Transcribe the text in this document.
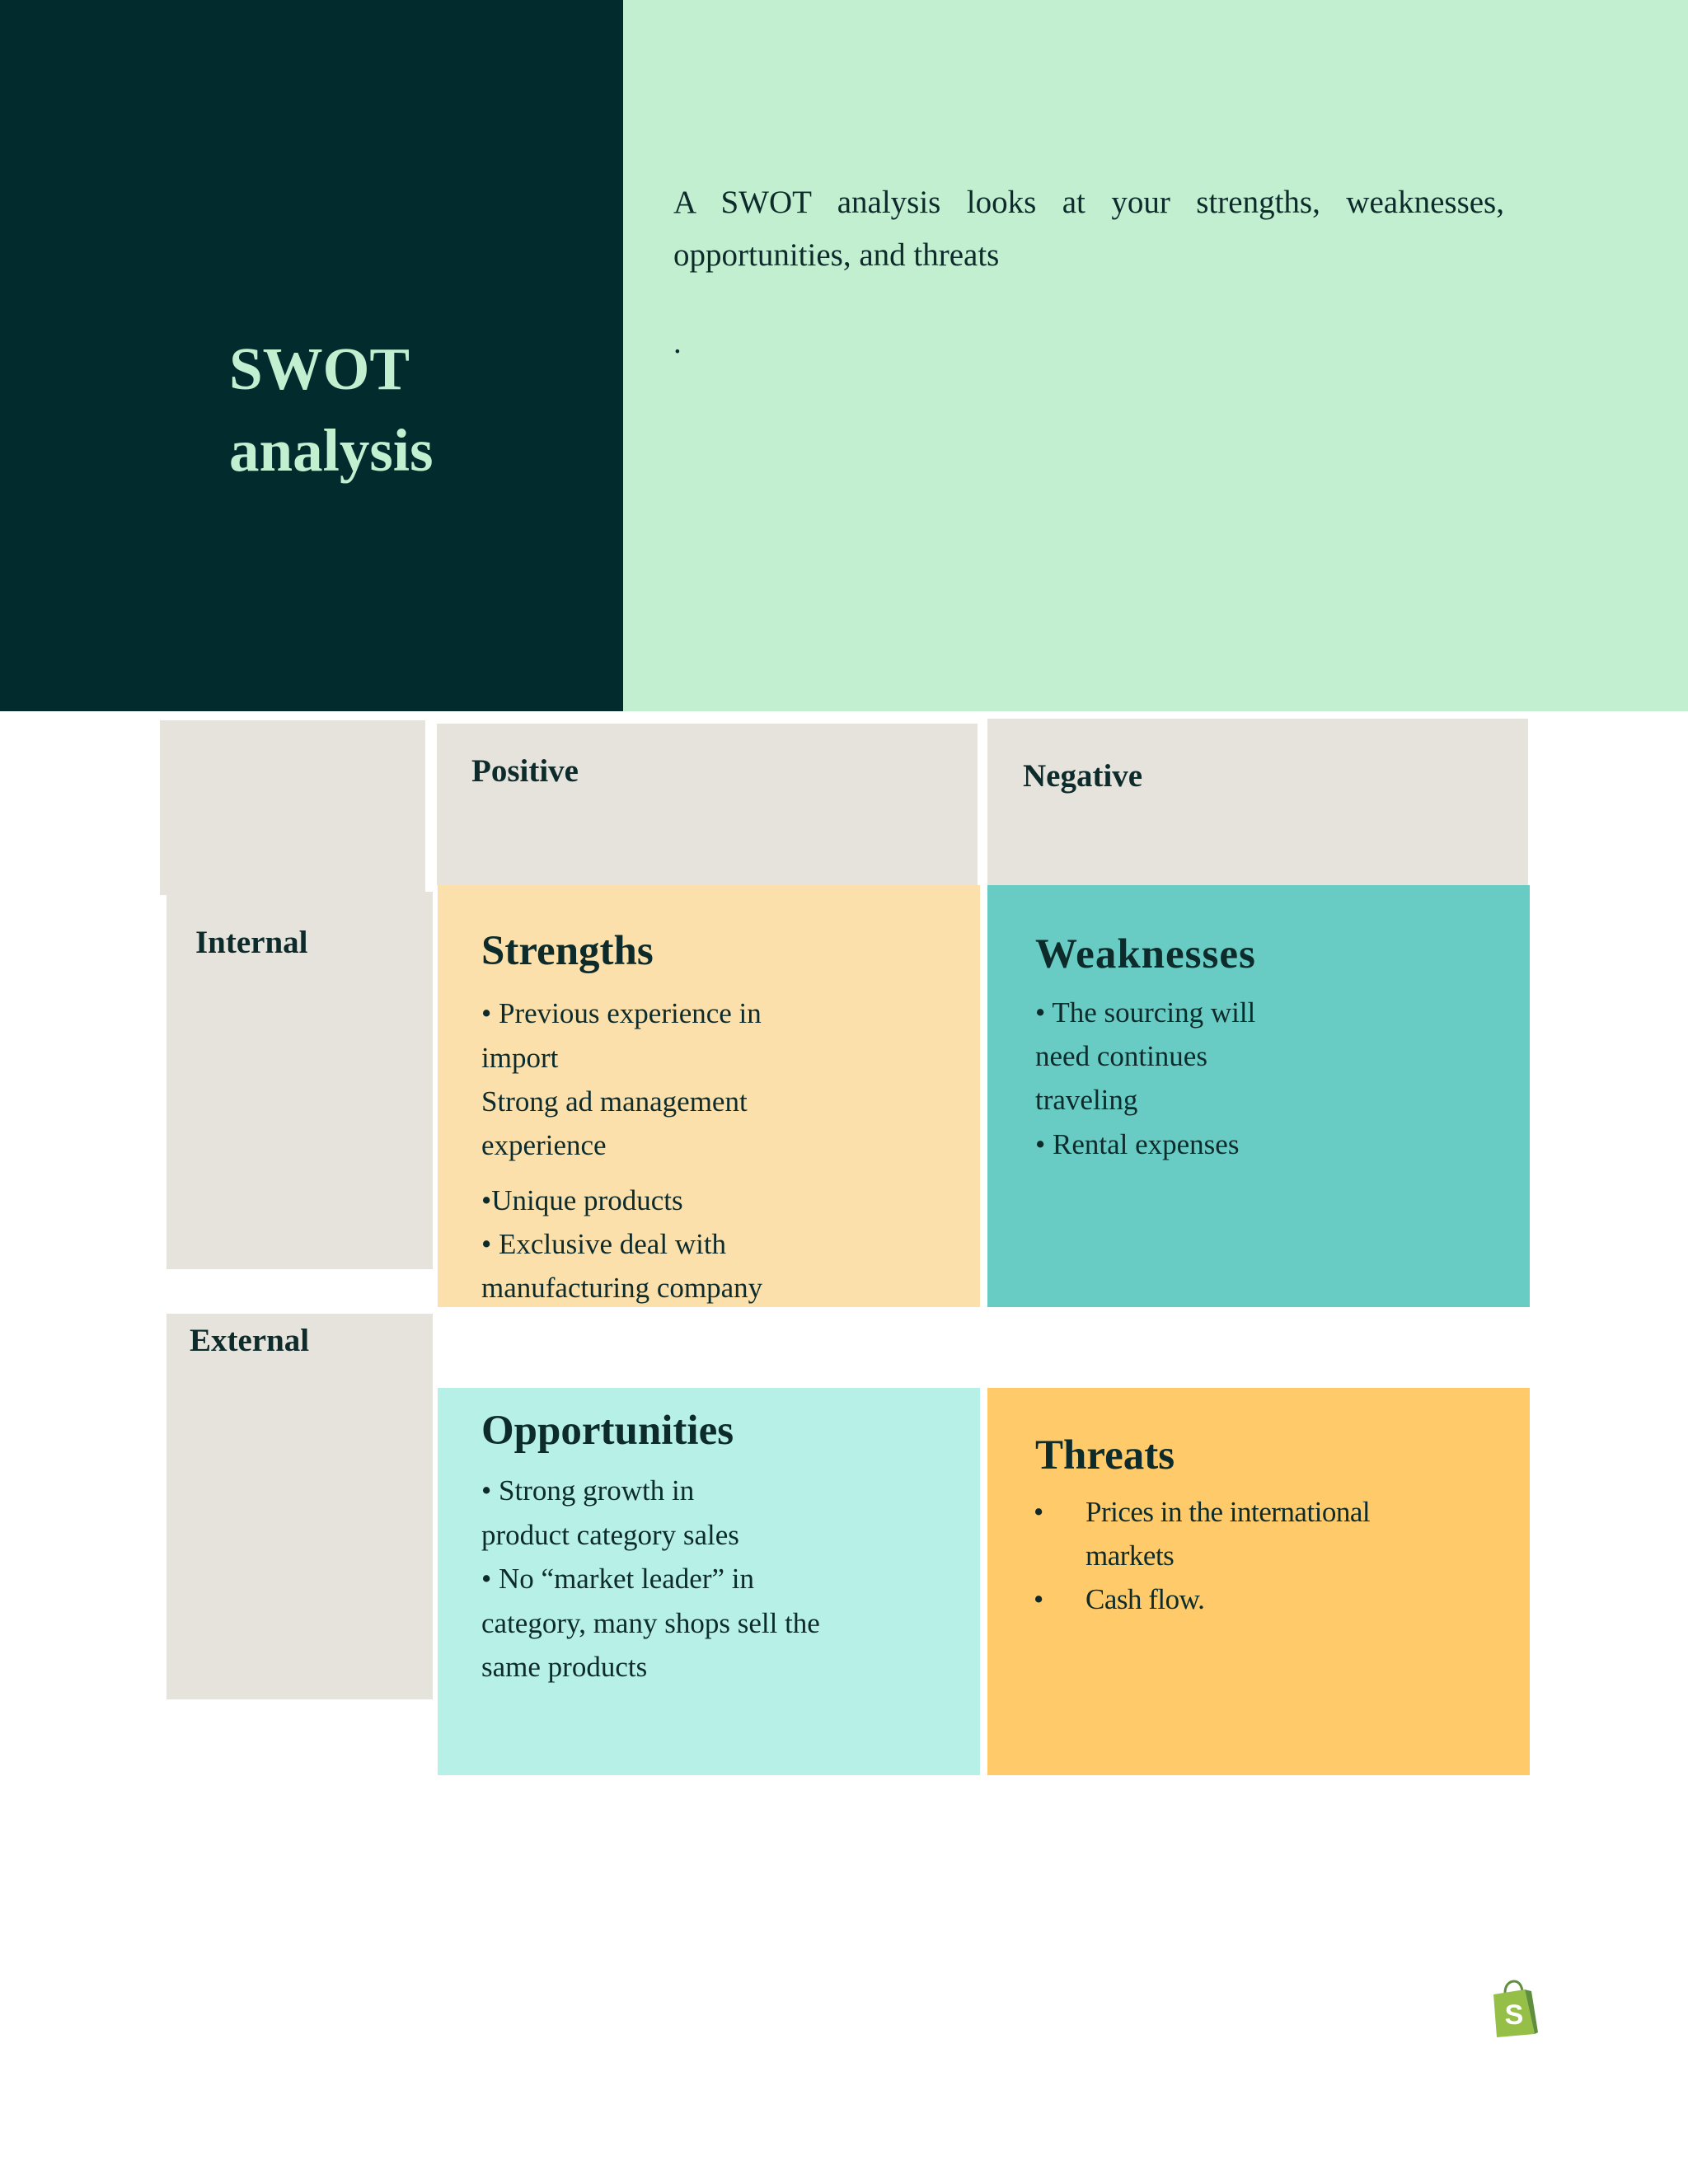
SWOT
analysis
A SWOT analysis looks at your strengths, weaknesses, opportunities, and threats
.
Positive	Negative
Internal
External
Strengths
• Previous experience in
import
Strong ad management
experience
•Unique products
• Exclusive deal with
manufacturing company
Weaknesses
• The sourcing will
need continues
traveling
• Rental expenses
Opportunities
• Strong growth in
product category sales
• No “market leader” in
category, many shops sell the
same products
Threats
• Prices in the international
markets
• Cash flow.
S
